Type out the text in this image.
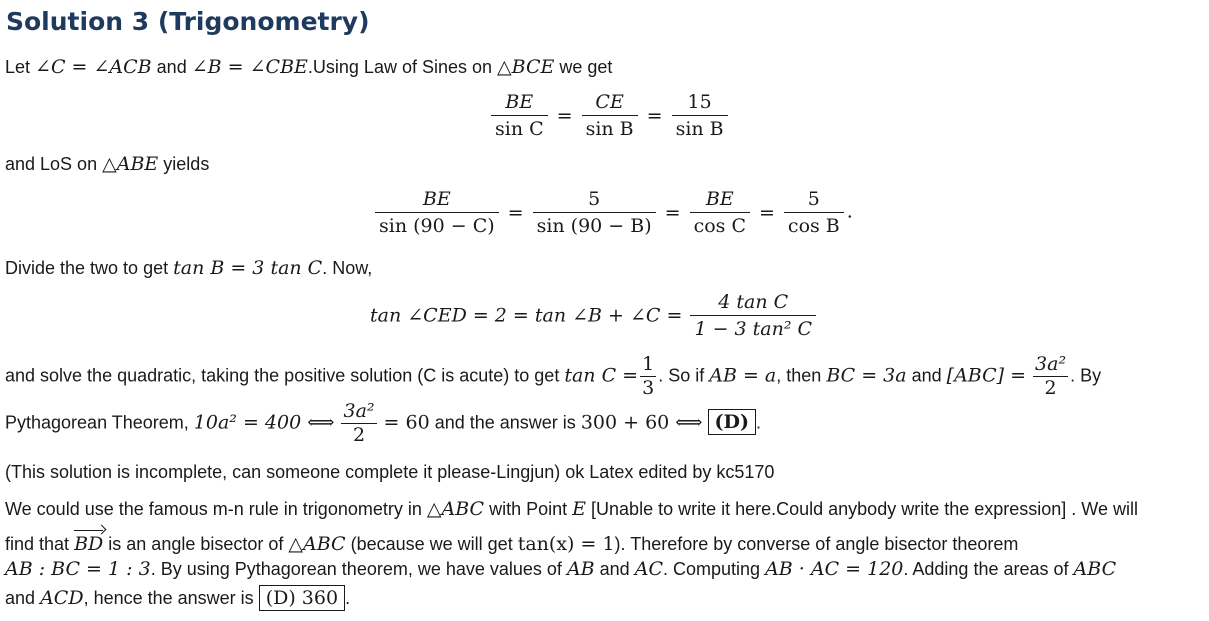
Solution 3 (Trigonometry)
Let ∠C = ∠ACB and ∠B = ∠CBE.Using Law of Sines on △BCE we get
$\frac{BE}{\text{sin C}} = \frac{CE}{\text{sin B}} = \frac{15}{\text{sin B}}$
and LoS on △ABE yields
$\frac{BE}{\sin (90 - C)} = \frac{5}{\sin (90 - B)} = \frac{BE}{\text{cos C}} = \frac{5}{\text{cos B}}$ .
Divide the two to get tan B = 3 tan C. Now,
tan ∠CED = 2 = tan ∠B + ∠C = $\frac{\text{4 tan C}}{\text{1 − 3 tan² C}}$
and solve the quadratic, taking the positive solution (C is acute) to get $\tan C = \frac{1}{3}$ . So if AB = a, then BC = 3a and $[ABC] = \frac{\text{3a²}}{2}$ . By
Pythagorean Theorem, 10a² = 400 ⟺ $\frac{\text{3a²}}{2} = 60$ and the answer is 300 + 60 ⟺ (D) .
(This solution is incomplete, can someone complete it please-Lingjun) ok Latex edited by kc5170
We could use the famous m-n rule in trigonometry in △ABC with Point E [Unable to write it here.Could anybody write the expression] . We will
find that BD is an angle bisector of △ABC (because we will get tan(x) = 1). Therefore by converse of angle bisector theorem
AB : BC = 1 : 3. By using Pythagorean theorem, we have values of AB and AC. Computing AB · AC = 120. Adding the areas of ABC
and ACD, hence the answer is (D) 360 .
